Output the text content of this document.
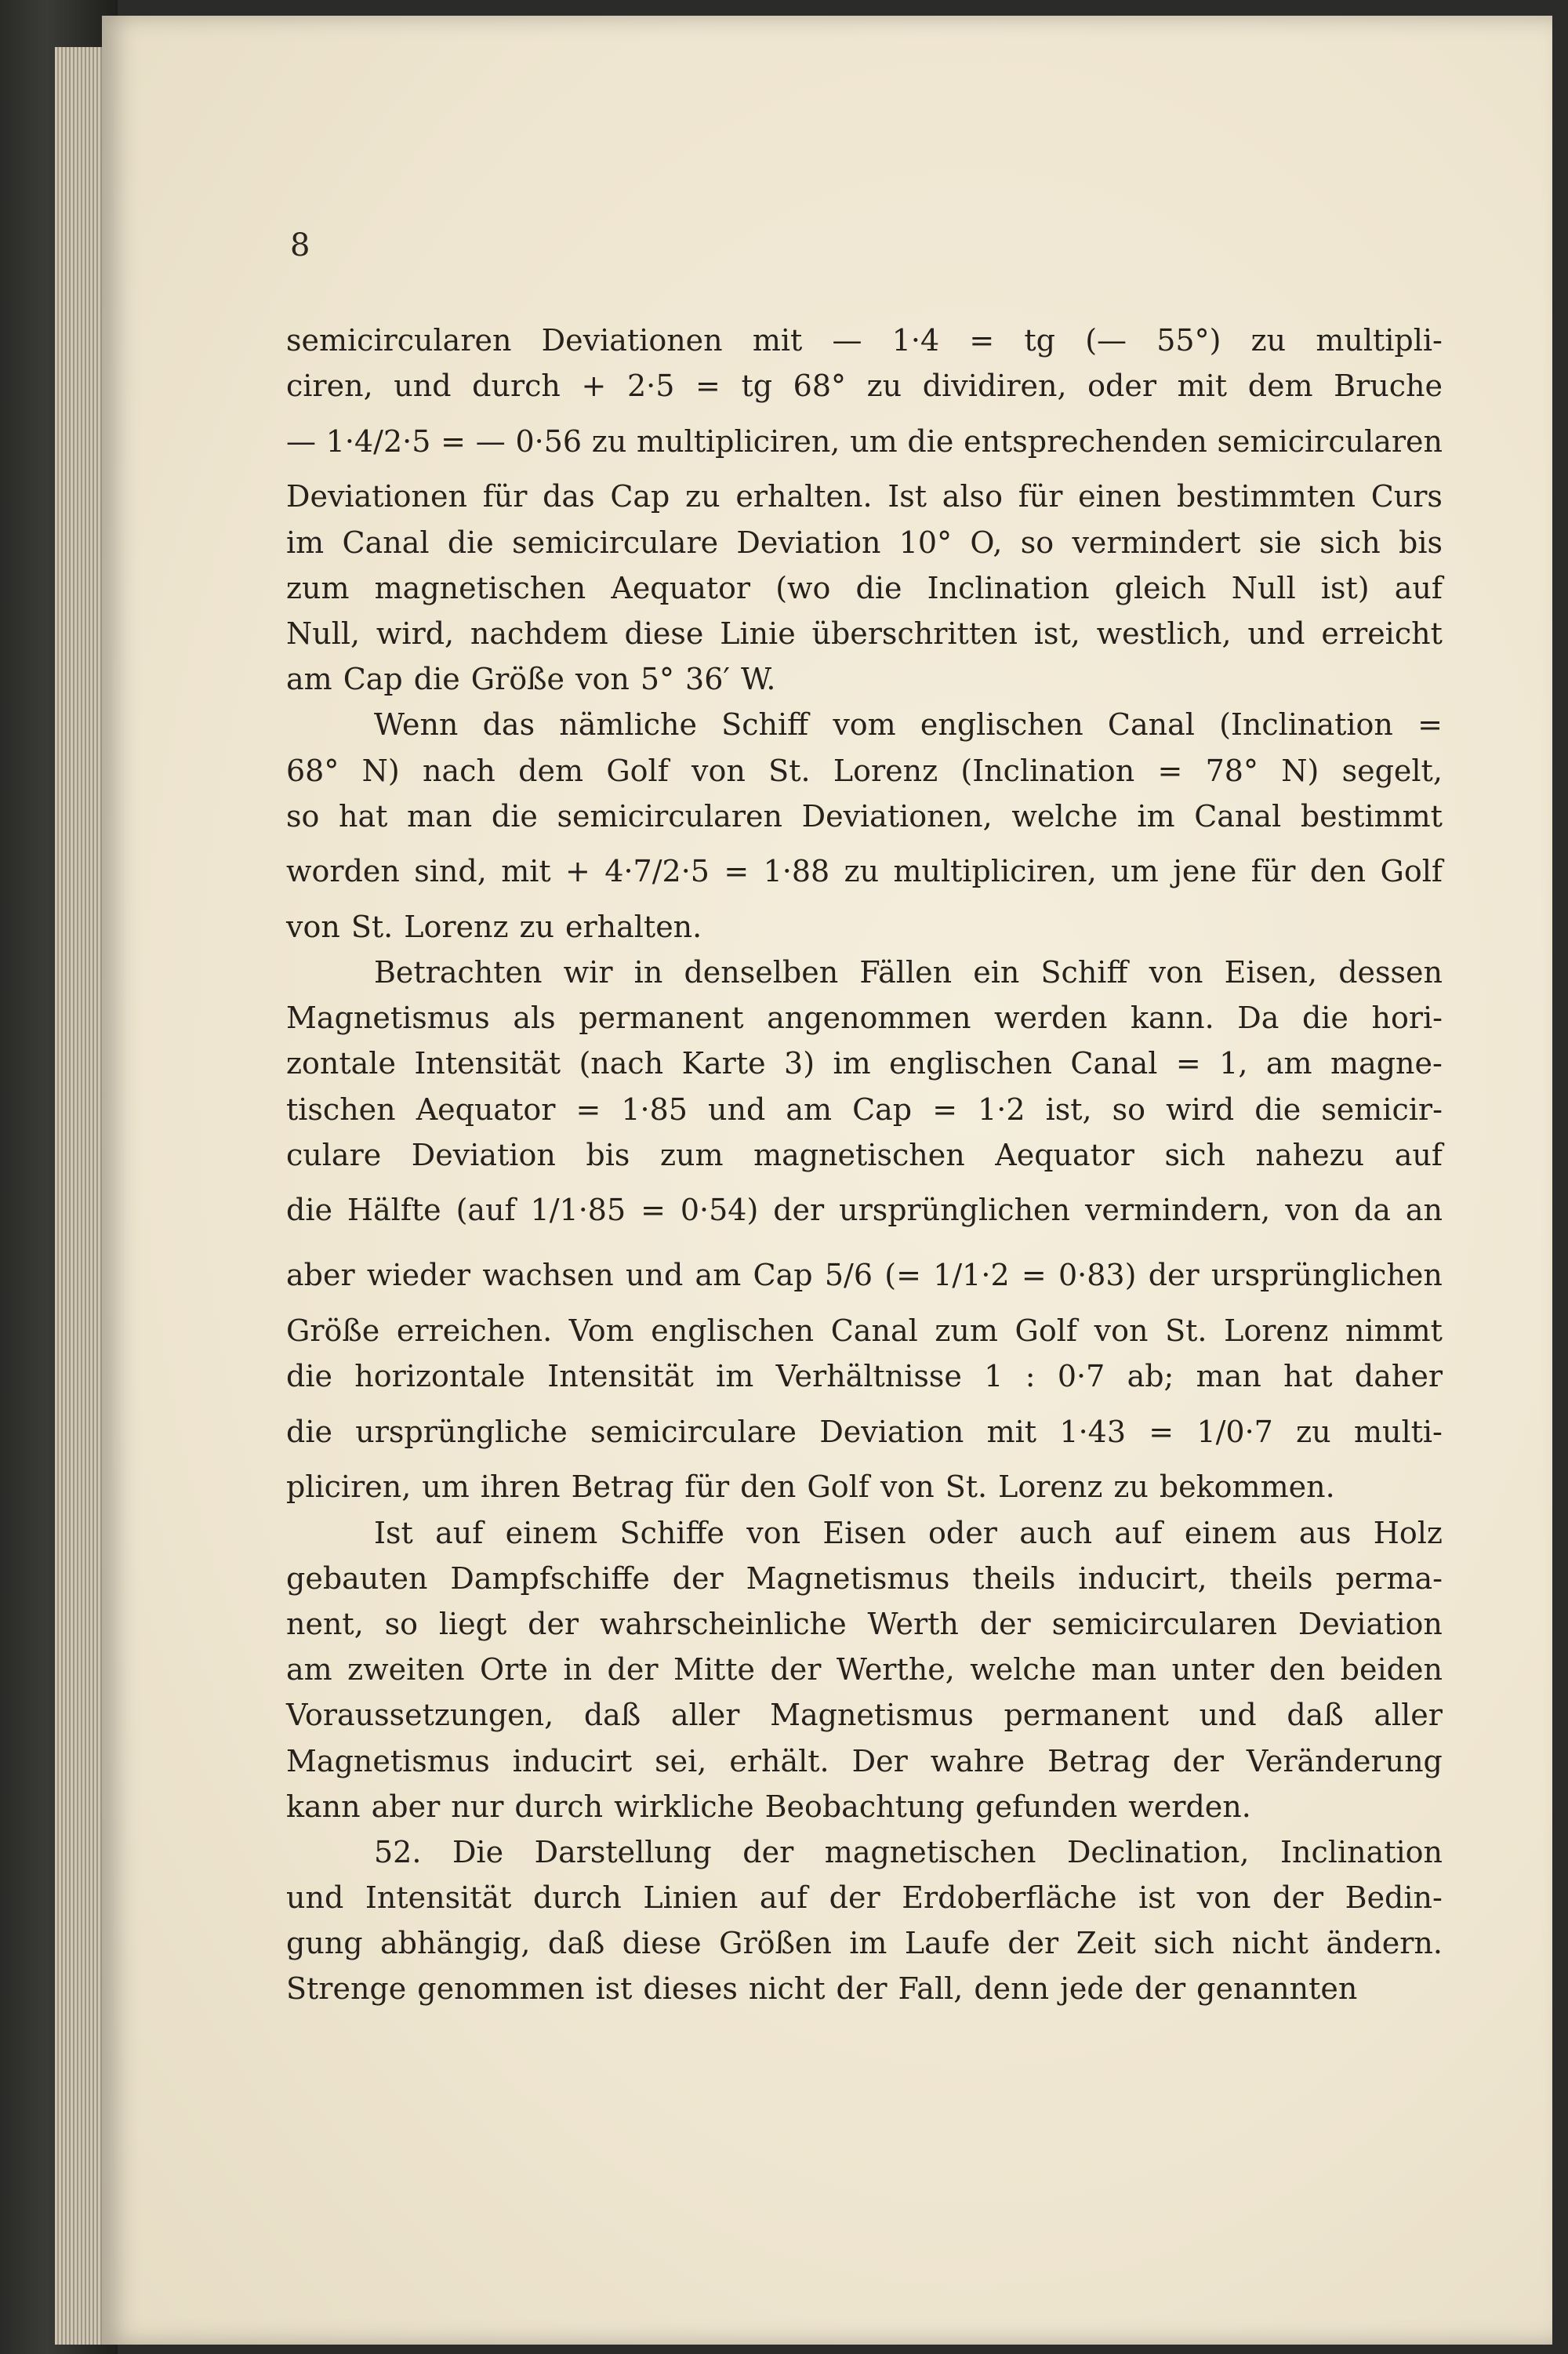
8
semicircularen Deviationen mit — 1·4 = tg (— 55°) zu multipli-
ciren, und durch + 2·5 = tg 68° zu dividiren, oder mit dem Bruche
— 1·4/2·5 = — 0·56 zu multipliciren, um die entsprechenden semicircularen
Deviationen für das Cap zu erhalten. Ist also für einen bestimmten Curs
im Canal die semicirculare Deviation 10° O, so vermindert sie sich bis
zum magnetischen Aequator (wo die Inclination gleich Null ist) auf
Null, wird, nachdem diese Linie überschritten ist, westlich, und erreicht
am Cap die Größe von 5° 36′ W.
Wenn das nämliche Schiff vom englischen Canal (Inclination =
68° N) nach dem Golf von St. Lorenz (Inclination = 78° N) segelt,
so hat man die semicircularen Deviationen, welche im Canal bestimmt
worden sind, mit + 4·7/2·5 = 1·88 zu multipliciren, um jene für den Golf
von St. Lorenz zu erhalten.
Betrachten wir in denselben Fällen ein Schiff von Eisen, dessen
Magnetismus als permanent angenommen werden kann. Da die hori-
zontale Intensität (nach Karte 3) im englischen Canal = 1, am magne-
tischen Aequator = 1·85 und am Cap = 1·2 ist, so wird die semicir-
culare Deviation bis zum magnetischen Aequator sich nahezu auf
die Hälfte (auf 1/1·85 = 0·54) der ursprünglichen vermindern, von da an
aber wieder wachsen und am Cap 5/6 (= 1/1·2 = 0·83) der ursprünglichen
Größe erreichen. Vom englischen Canal zum Golf von St. Lorenz nimmt
die horizontale Intensität im Verhältnisse 1 : 0·7 ab; man hat daher
die ursprüngliche semicirculare Deviation mit 1·43 = 1/0·7 zu multi-
pliciren, um ihren Betrag für den Golf von St. Lorenz zu bekommen.
Ist auf einem Schiffe von Eisen oder auch auf einem aus Holz
gebauten Dampfschiffe der Magnetismus theils inducirt, theils perma-
nent, so liegt der wahrscheinliche Werth der semicircularen Deviation
am zweiten Orte in der Mitte der Werthe, welche man unter den beiden
Voraussetzungen, daß aller Magnetismus permanent und daß aller
Magnetismus inducirt sei, erhält. Der wahre Betrag der Veränderung
kann aber nur durch wirkliche Beobachtung gefunden werden.
52. Die Darstellung der magnetischen Declination, Inclination
und Intensität durch Linien auf der Erdoberfläche ist von der Bedin-
gung abhängig, daß diese Größen im Laufe der Zeit sich nicht ändern.
Strenge genommen ist dieses nicht der Fall, denn jede der genannten
